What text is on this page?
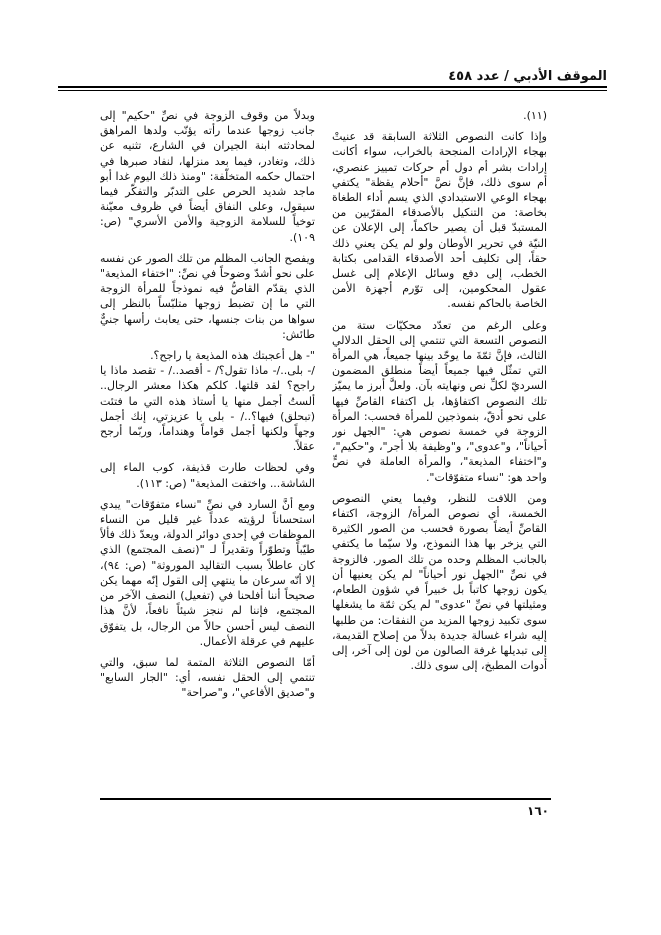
الموقف الأدبي / عدد ٤٥٨

(١١).

وإذا كانت النصوص الثلاثة السابقة قد عنيتْ بهجاء الإرادات المنجحة بالخراب، سواء أكانت إرادات بشر أم دول أم حركات تمييز عنصري، أم سوى ذلك، فإنَّ نصَّ "أحلام يقظة" يكتفي بهجاء الوعي الاستبدادي الذي يسم أداء الطغاة بخاصة: من التنكيل بالأصدقاء المقرّبين من المستبدّ قبل أن يصير حاكماً، إلى الإعلان عن النيّة في تحرير الأوطان ولو لم يكن يعني ذلك حقاً، إلى تكليف أحد الأصدقاء القدامى بكتابة الخطب، إلى دفع وسائل الإعلام إلى غسل عقول المحكومين، إلى توّرم أجهزة الأمن الخاصة بالحاكم نفسه.

وعلى الرغم من تعدّد محكيّات ستة من النصوص التسعة التي تنتمي إلى الحقل الدلالي الثالث، فإنَّ ثمّةَ ما يوحّد بينها جميعاً، هي المرأة التي تمثّل فيها جميعاً أيضاً منطلق المضمون السرديّ لكلِّ نص ونهايته بآن. ولعلَّ أبرز ما يميّز تلك النصوص اكتفاؤها، بل اكتفاء القاصِّ فيها على نحو أدقّ، بنموذجين للمرأة فحسب: المرأة الزوجة في خمسة نصوص هي: "الجهل نور أحياناً"، و"عدوى"، و"وظيفة بلا أجر"، و"حكيم"، و"اختفاء المذيعة"، والمرأة العاملة في نصٍّ واحد هو: "نساء متفوّقات".

ومن اللافت للنظر، وفيما يعني النصوص الخمسة، أي نصوص المرأة/ الزوجة، اكتفاء القاصِّ أيضاً بصورة فحسب من الصور الكثيرة التي يزخر بها هذا النموذج، ولا سيّما ما يكتفي بالجانب المظلم وحده من تلك الصور. فالزوجة في نصِّ "الجهل نور أحياناً" لم يكن يعنيها أن يكون زوجها كاتباً بل خبيراً في شؤون الطعام، ومثيلتها في نصِّ "عدوى" لم يكن ثمّة ما يشغلها سوى تكبيد زوجها المزيد من النفقات: من طلبها إليه شراء غسالة جديدة بدلاً من إصلاح القديمة، إلى تبديلها غرفة الصالون من لون إلى آخر، إلى أدوات المطبخ، إلى سوى ذلك.

وبدلاً من وقوف الزوجة في نصِّ "حكيم" إلى جانب زوجها عندما رأته يؤنّب ولدها المراهق لمحادثته ابنة الجيران في الشارع، تثنيه عن ذلك، وتغادر، فيما بعد منزلها، لنفاد صبرها في احتمال حكمه المتخلّفة: "ومنذ ذلك اليوم غدا أبو ماجد شديد الحرص على التدبّر والتفكّر فيما سيقول، وعلى النفاق أيضاً في ظروف معيّنة توخياً للسلامة الزوجية والأمن الأسري" (ص: ١٠٩).

ويفصح الجانب المظلم من تلك الصور عن نفسه على نحو أشدّ وضوحاً في نصِّ: "اختفاء المذيعة" الذي يقدّم القاصُّ فيه نموذجاً للمرأة الزوجة التي ما إن تضبط زوجها متلبّساً بالنظر إلى سواها من بنات جنسها، حتى يعابث رأسها جنيٌّ طائش:

"- هل أعجبتك هذه المذيعة يا راجح؟.

/- بلى../- ماذا تقول؟/ - أقصد../ - تقصد ماذا يا راجح؟ لقد قلتها. كلكم هكذا معشر الرجال.. ألستُ أجمل منها يا أستاذ هذه التي ما فتئت (تبحلق) فيها؟../ - بلى يا عزيزتي، إنك أجمل وجهاً ولكنها أجمل قواماً وهنداماً، وربّما أرجح عقلاً.

وفي لحظات طارت قذيفة، كوب الماء إلى الشاشة... واختفت المذيعة" (ص: ١١٣).

ومع أنَّ السارد في نصِّ "نساء متفوّقات" يبدي استحساناً لرؤيته عدداً غير قليل من النساء الموظفات في إحدى دوائر الدولة، ويعدّ ذلك فألاً طيّباً وتطوّراً وتقديراً لـ "(نصف المجتمع) الذي كان عاطلاً بسبب التقاليد الموروثة" (ص: ٩٤)، إلا أنّه سرعان ما ينتهي إلى القول إنّه مهما يكن صحيحاً أننا أفلحنا في (تفعيل) النصف الآخر من المجتمع، فإننا لم ننجز شيئاً نافعاً، لأنَّ هذا النصف ليس أحسن حالاً من الرجال، بل يتفوّق عليهم في عرقلة الأعمال.

أمّا النصوص الثلاثة المتمة لما سبق، والتي تنتمي إلى الحقل نفسه، أي: "الجار السابع" و"صديق الأفاعي"، و"صراحة"

١٦٠
